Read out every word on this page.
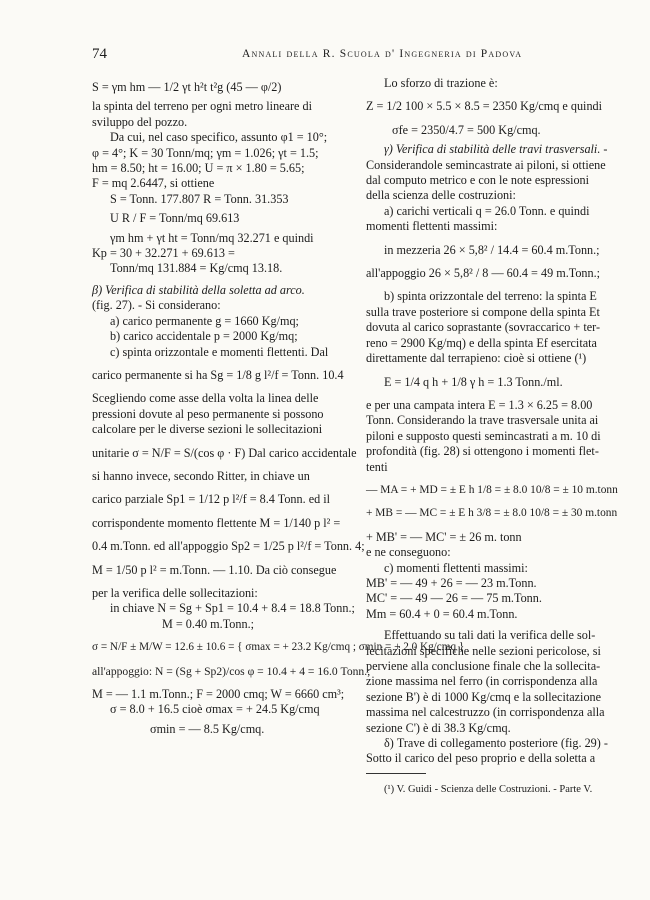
74	Annali della R. Scuola d' Ingegneria di Padova
S = γm hm — 1/2 γt h²t t²g (45 — φ/2)
la spinta del terreno per ogni metro lineare di
sviluppo del pozzo.
Da cui, nel caso specifico, assunto φ1 = 10°;
φ = 4°; K = 30 Tonn/mq; γm = 1.026; γt = 1.5;
hm = 8.50; ht = 16.00; U = π × 1.80 = 5.65;
F = mq 2.6447, si ottiene
S = Tonn. 177.807 R = Tonn. 31.353
U R / F = Tonn/mq 69.613
γm hm + γt ht = Tonn/mq 32.271 e quindi
Kp = 30 + 32.271 + 69.613 =
Tonn/mq 131.884 = Kg/cmq 13.18.
β) Verifica di stabilità della soletta ad arco.
(fig. 27). - Si considerano:
a) carico permanente g = 1660 Kg/mq;
b) carico accidentale p = 2000 Kg/mq;
c) spinta orizzontale e momenti flettenti. Dal
carico permanente si ha Sg = 1/8 g l²/f = Tonn. 10.4
Scegliendo come asse della volta la linea delle
pressioni dovute al peso permanente si possono
calcolare per le diverse sezioni le sollecitazioni
unitarie σ = N/F = S/(cos φ · F) Dal carico accidentale
si hanno invece, secondo Ritter, in chiave un
carico parziale Sp1 = 1/12 p l²/f = 8.4 Tonn. ed il
corrispondente momento flettente M = 1/140 p l² =
0.4 m.Tonn. ed all'appoggio Sp2 = 1/25 p l²/f = Tonn. 4;
M = 1/50 p l² = m.Tonn. — 1.10. Da ciò consegue
per la verifica delle sollecitazioni:
in chiave N = Sg + Sp1 = 10.4 + 8.4 = 18.8 Tonn.;
M = 0.40 m.Tonn.;
σ = N/F ± M/W = 12.6 ± 10.6 = { σmax = + 23.2 Kg/cmq ; σmin = + 2.0 Kg/cmq }
all'appoggio: N = (Sg + Sp2)/cos φ = 10.4 + 4 = 16.0 Tonn.;
M = — 1.1 m.Tonn.; F = 2000 cmq; W = 6660 cm³;
σ = 8.0 + 16.5 cioè σmax = + 24.5 Kg/cmq
σmin = — 8.5 Kg/cmq.
Lo sforzo di trazione è:
Z = 1/2 100 × 5.5 × 8.5 = 2350 Kg/cmq e quindi
σfe = 2350/4.7 = 500 Kg/cmq.
γ) Verifica di stabilità delle travi trasversali. -
Considerandole semincastrate ai piloni, si ottiene
dal computo metrico e con le note espressioni
della scienza delle costruzioni:
a) carichi verticali q = 26.0 Tonn. e quindi
momenti flettenti massimi:
in mezzeria 26 × 5,8² / 14.4 = 60.4 m.Tonn.;
all'appoggio 26 × 5,8² / 8 — 60.4 = 49 m.Tonn.;
b) spinta orizzontale del terreno: la spinta E
sulla trave posteriore si compone della spinta Et
dovuta al carico soprastante (sovraccarico + ter-
reno = 2900 Kg/mq) e della spinta Ef esercitata
direttamente dal terrapieno: cioè si ottiene (¹)
E = 1/4 q h + 1/8 γ h = 1.3 Tonn./ml.
e per una campata intera E = 1.3 × 6.25 = 8.00
Tonn. Considerando la trave trasversale unita ai
piloni e supposto questi semincastrati a m. 10 di
profondità (fig. 28) si ottengono i momenti flet-
tenti
— MA = + MD = ± E h 1/8 = ± 8.0 10/8 = ± 10 m.tonn
+ MB = — MC = ± E h 3/8 = ± 8.0 10/8 = ± 30 m.tonn
+ MB' = — MC' = ± 26 m. tonn
e ne conseguono:
c) momenti flettenti massimi:
MB' = — 49 + 26 = — 23 m.Tonn.
MC' = — 49 — 26 = — 75 m.Tonn.
Mm = 60.4 + 0 = 60.4 m.Tonn.
Effettuando su tali dati la verifica delle sol-
lecitazioni specifiche nelle sezioni pericolose, si
perviene alla conclusione finale che la sollecita-
zione massima nel ferro (in corrispondenza alla
sezione B') è di 1000 Kg/cmq e la sollecitazione
massima nel calcestruzzo (in corrispondenza alla
sezione C') è di 38.3 Kg/cmq.
δ) Trave di collegamento posteriore (fig. 29) -
Sotto il carico del peso proprio e della soletta a
(¹) V. Guidi - Scienza delle Costruzioni. - Parte V.
